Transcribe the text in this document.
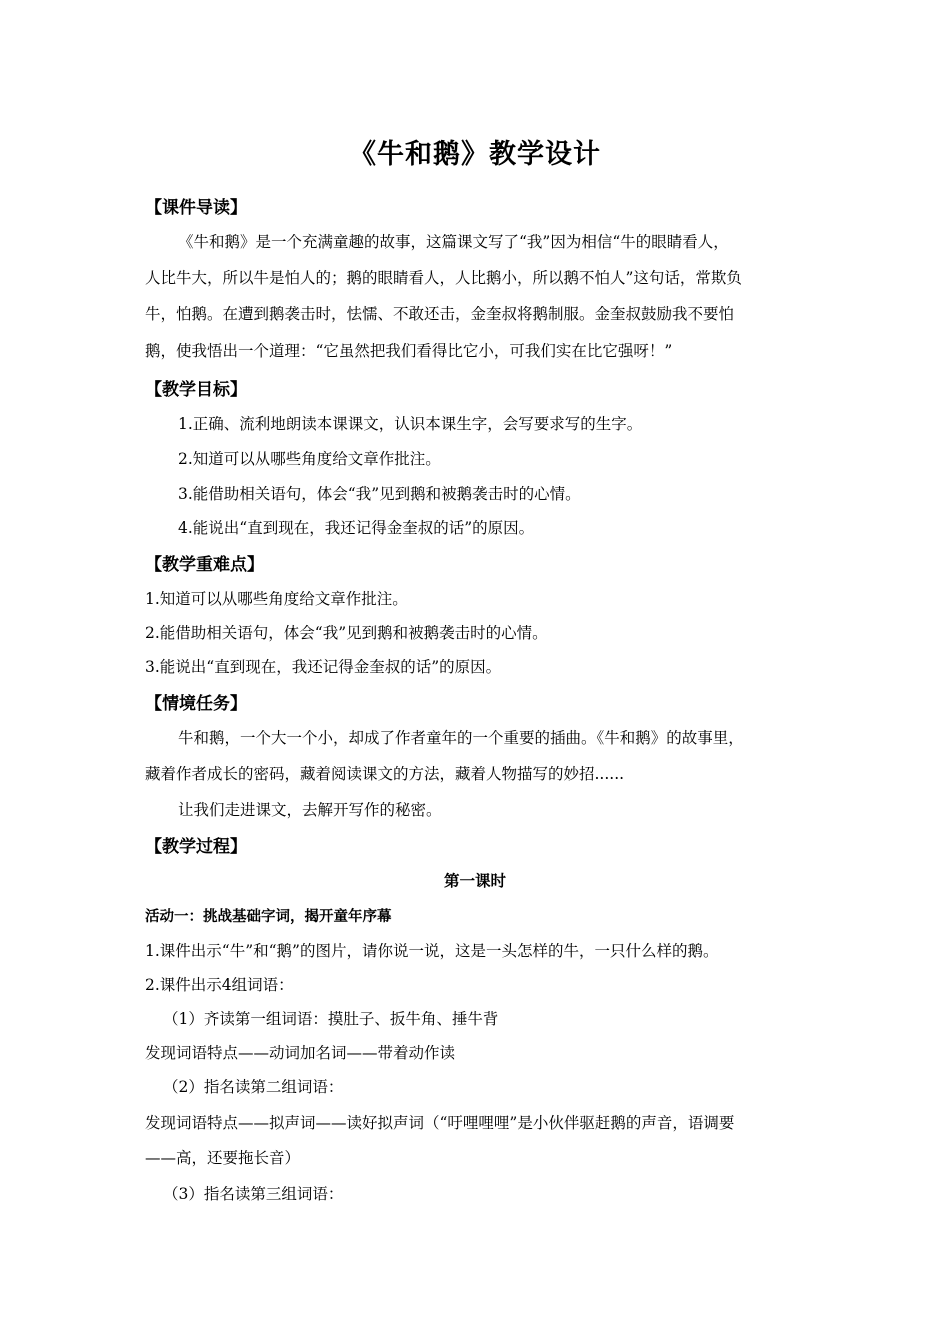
《牛和鹅》教学设计
【课件导读】
《牛和鹅》是一个充满童趣的故事，这篇课文写了“我”因为相信“牛的眼睛看人，
人比牛大，所以牛是怕人的；鹅的眼睛看人，人比鹅小，所以鹅不怕人”这句话，常欺负
牛，怕鹅。在遭到鹅袭击时，怯懦、不敢还击，金奎叔将鹅制服。金奎叔鼓励我不要怕
鹅，使我悟出一个道理：“它虽然把我们看得比它小，可我们实在比它强呀！”
【教学目标】
1.正确、流利地朗读本课课文，认识本课生字，会写要求写的生字。
2.知道可以从哪些角度给文章作批注。
3.能借助相关语句，体会“我”见到鹅和被鹅袭击时的心情。
4.能说出“直到现在，我还记得金奎叔的话”的原因。
【教学重难点】
1.知道可以从哪些角度给文章作批注。
2.能借助相关语句，体会“我”见到鹅和被鹅袭击时的心情。
3.能说出“直到现在，我还记得金奎叔的话”的原因。
【情境任务】
牛和鹅，一个大一个小，却成了作者童年的一个重要的插曲。《牛和鹅》的故事里，
藏着作者成长的密码，藏着阅读课文的方法，藏着人物描写的妙招......
让我们走进课文，去解开写作的秘密。
【教学过程】
第一课时
活动一：挑战基础字词，揭开童年序幕
1.课件出示“牛”和“鹅”的图片，请你说一说，这是一头怎样的牛，一只什么样的鹅。
2.课件出示4组词语：
（1）齐读第一组词语：摸肚子、扳牛角、捶牛背
发现词语特点——动词加名词——带着动作读
（2）指名读第二组词语：
发现词语特点——拟声词——读好拟声词（“吁哩哩哩”是小伙伴驱赶鹅的声音，语调要
——高，还要拖长音）
（3）指名读第三组词语：
